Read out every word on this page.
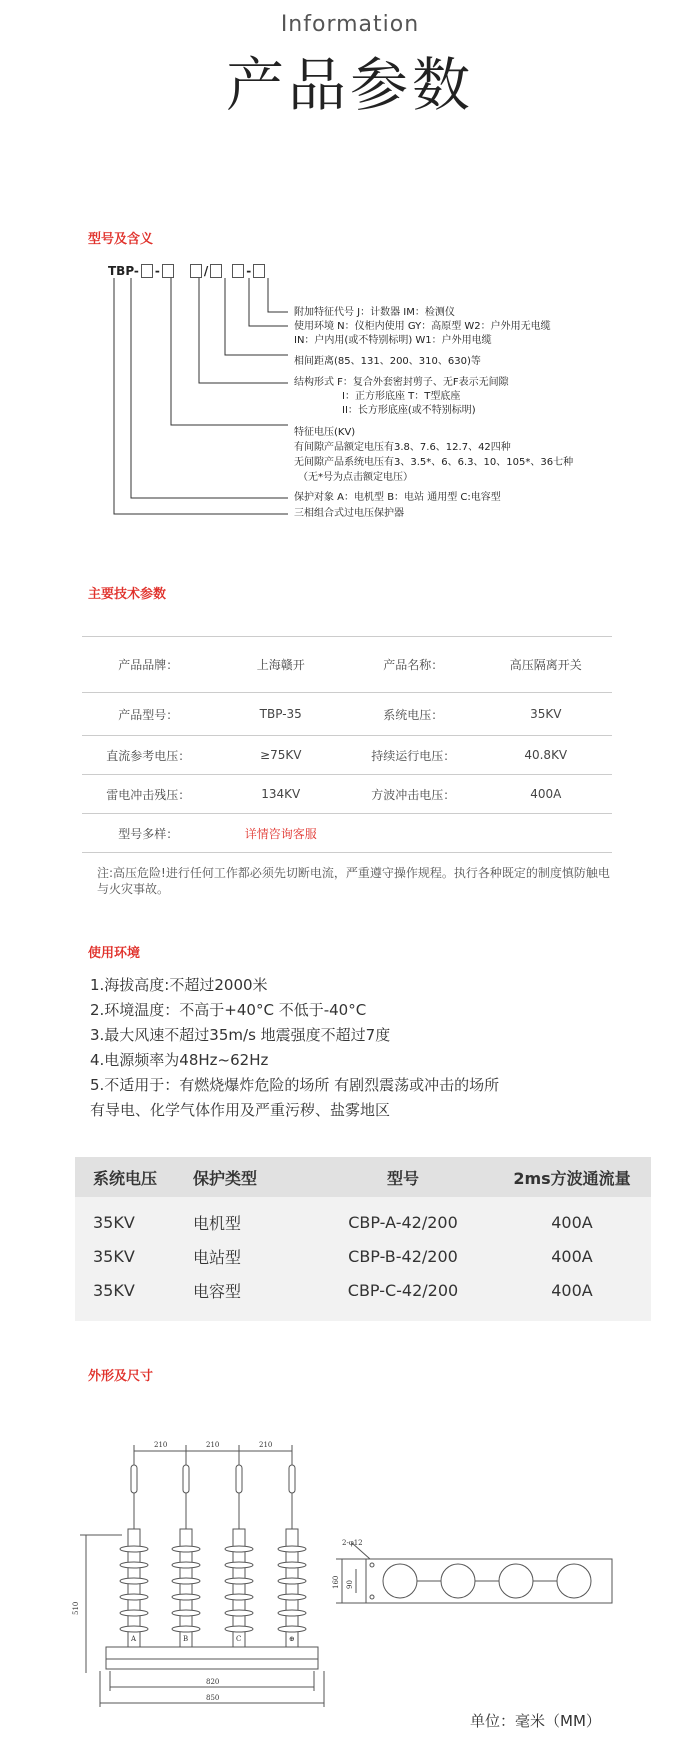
Information
产品参数
型号及含义
TBP- -	/	-
附加特征代号 J：计数器 IM：检测仪
使用环境 N：仪柜内使用 GY：高原型 W2：户外用无电缆
IN：户内用(或不特别标明) W1：户外用电缆
相间距离(85、131、200、310、630)等
结构形式 F：复合外套密封剪子、无F表示无间隙
I：正方形底座 T：T型底座
II：长方形底座(或不特别标明)
特征电压(KV)
有间隙产品额定电压有3.8、7.6、12.7、42四种
无间隙产品系统电压有3、3.5*、6、6.3、10、105*、36七种
（无*号为点击额定电压）
保护对象 A：电机型 B：电站 通用型 C:电容型
三相组合式过电压保护器
主要技术参数
产品品牌：	上海赣开	产品名称：	高压隔离开关
产品型号：	TBP-35	系统电压：	35KV
直流参考电压：	≥75KV	持续运行电压：	40.8KV
雷电冲击残压：	134KV	方波冲击电压：	400A
型号多样：	详情咨询客服
注:高压危险!进行任何工作都必须先切断电流，严重遵守操作规程。执行各种既定的制度慎防触电与火灾事故。
使用环境
1.海拔高度:不超过2000米
2.环境温度：不高于+40°C 不低于-40°C
3.最大风速不超过35m/s 地震强度不超过7度
4.电源频率为48Hz~62Hz
5.不适用于：有燃烧爆炸危险的场所 有剧烈震荡或冲击的场所
有导电、化学气体作用及严重污秽、盐雾地区
系统电压	保护类型	型号	2ms方波通流量
35KV	电机型	CBP-A-42/200	400A
35KV	电站型	CBP-B-42/200	400A
35KV	电容型	CBP-C-42/200	400A
外形及尺寸
210	210	210
510
820
850
A	B	C	⊕
2-φ12
160 90
单位：毫米（MM）
